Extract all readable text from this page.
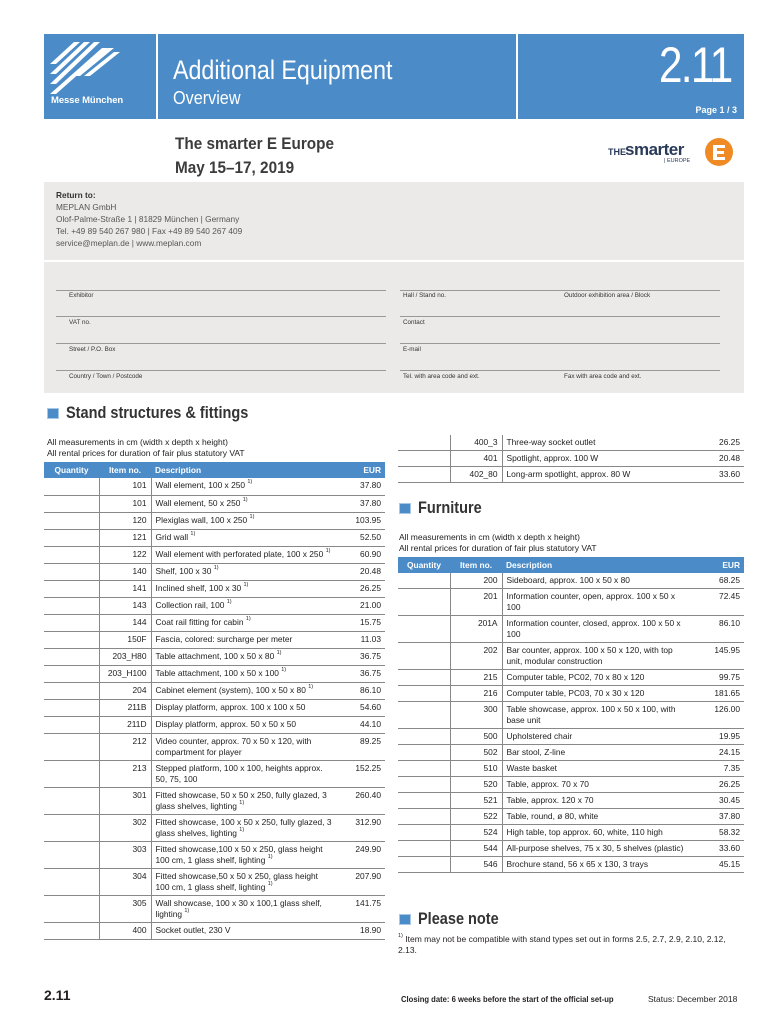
Messe München
Additional Equipment
Overview
2.11
Page 1 / 3
The smarter E Europe
May 15–17, 2019
THE smarter
| EUROPE
Return to:
MEPLAN GmbH
Olof-Palme-Straße 1 | 81829 München | Germany
Tel. +49 89 540 267 980 | Fax +49 89 540 267 409
service@meplan.de | www.meplan.com
Exhibitor	Hall / Stand no.	Outdoor exhibition area / Block
VAT no.	Contact
Street / P.O. Box	E-mail
Country / Town / Postcode	Tel. with area code and ext.	Fax with area code and ext.
Stand structures & fittings
All measurements in cm (width x depth x height)
All rental prices for duration of fair plus statutory VAT
Quantity	Item no.	Description	EUR
	101	Wall element, 100 x 250 $^{1)}$	37.80
	101	Wall element, 50 x 250 $^{1)}$	37.80
	120	Plexiglas wall, 100 x 250 $^{1)}$	103.95
	121	Grid wall $^{1)}$	52.50
	122	Wall element with perforated plate, 100 x 250 $^{1)}$	60.90
	140	Shelf, 100 x 30 $^{1)}$	20.48
	141	Inclined shelf, 100 x 30 $^{1)}$	26.25
	143	Collection rail, 100 $^{1)}$	21.00
	144	Coat rail fitting for cabin $^{1)}$	15.75
	150F	Fascia, colored: surcharge per meter	11.03
	203_H80	Table attachment, 100 x 50 x 80 $^{1)}$	36.75
	203_H100	Table attachment, 100 x 50 x 100 $^{1)}$	36.75
	204	Cabinet element (system), 100 x 50 x 80 $^{1)}$	86.10
	211B	Display platform, approx. 100 x 100 x 50	54.60
	211D	Display platform, approx. 50 x 50 x 50	44.10
	212	Video counter, approx. 70 x 50 x 120, with compartment for player	89.25
	213	Stepped platform, 100 x 100, heights approx. 50, 75, 100	152.25
	301	Fitted showcase, 50 x 50 x 250, fully glazed, 3 glass shelves, lighting $^{1)}$	260.40
	302	Fitted showcase, 100 x 50 x 250, fully glazed, 3 glass shelves, lighting $^{1)}$	312.90
	303	Fitted showcase,100 x 50 x 250, glass height 100 cm, 1 glass shelf, lighting $^{1)}$	249.90
	304	Fitted showcase,50 x 50 x 250, glass height 100 cm, 1 glass shelf, lighting $^{1)}$	207.90
	305	Wall showcase, 100 x 30 x 100,1 glass shelf, lighting $^{1)}$	141.75
	400	Socket outlet, 230 V	18.90
	400_3	Three-way socket outlet	26.25
	401	Spotlight, approx. 100 W	20.48
	402_80	Long-arm spotlight, approx. 80 W	33.60
Furniture
All measurements in cm (width x depth x height)
All rental prices for duration of fair plus statutory VAT
Quantity	Item no.	Description	EUR
	200	Sideboard, approx. 100 x 50 x 80	68.25
	201	Information counter, open, approx. 100 x 50 x 100	72.45
	201A	Information counter, closed, approx. 100 x 50 x 100	86.10
	202	Bar counter, approx. 100 x 50 x 120, with top unit, modular construction	145.95
	215	Computer table, PC02, 70 x 80 x 120	99.75
	216	Computer table, PC03, 70 x 30 x 120	181.65
	300	Table showcase, approx. 100 x 50 x 100, with base unit	126.00
	500	Upholstered chair	19.95
	502	Bar stool, Z-line	24.15
	510	Waste basket	7.35
	520	Table, approx. 70 x 70	26.25
	521	Table, approx. 120 x 70	30.45
	522	Table, round, ø 80, white	37.80
	524	High table, top approx. 60, white, 110 high	58.32
	544	All-purpose shelves, 75 x 30, 5 shelves (plastic)	33.60
	546	Brochure stand, 56 x 65 x 130, 3 trays	45.15
Please note
$^{1)}$ Item may not be compatible with stand types set out in forms 2.5, 2.7, 2.9, 2.10, 2.12, 2.13.
2.11	Closing date: 6 weeks before the start of the official set-up	Status: December 2018
